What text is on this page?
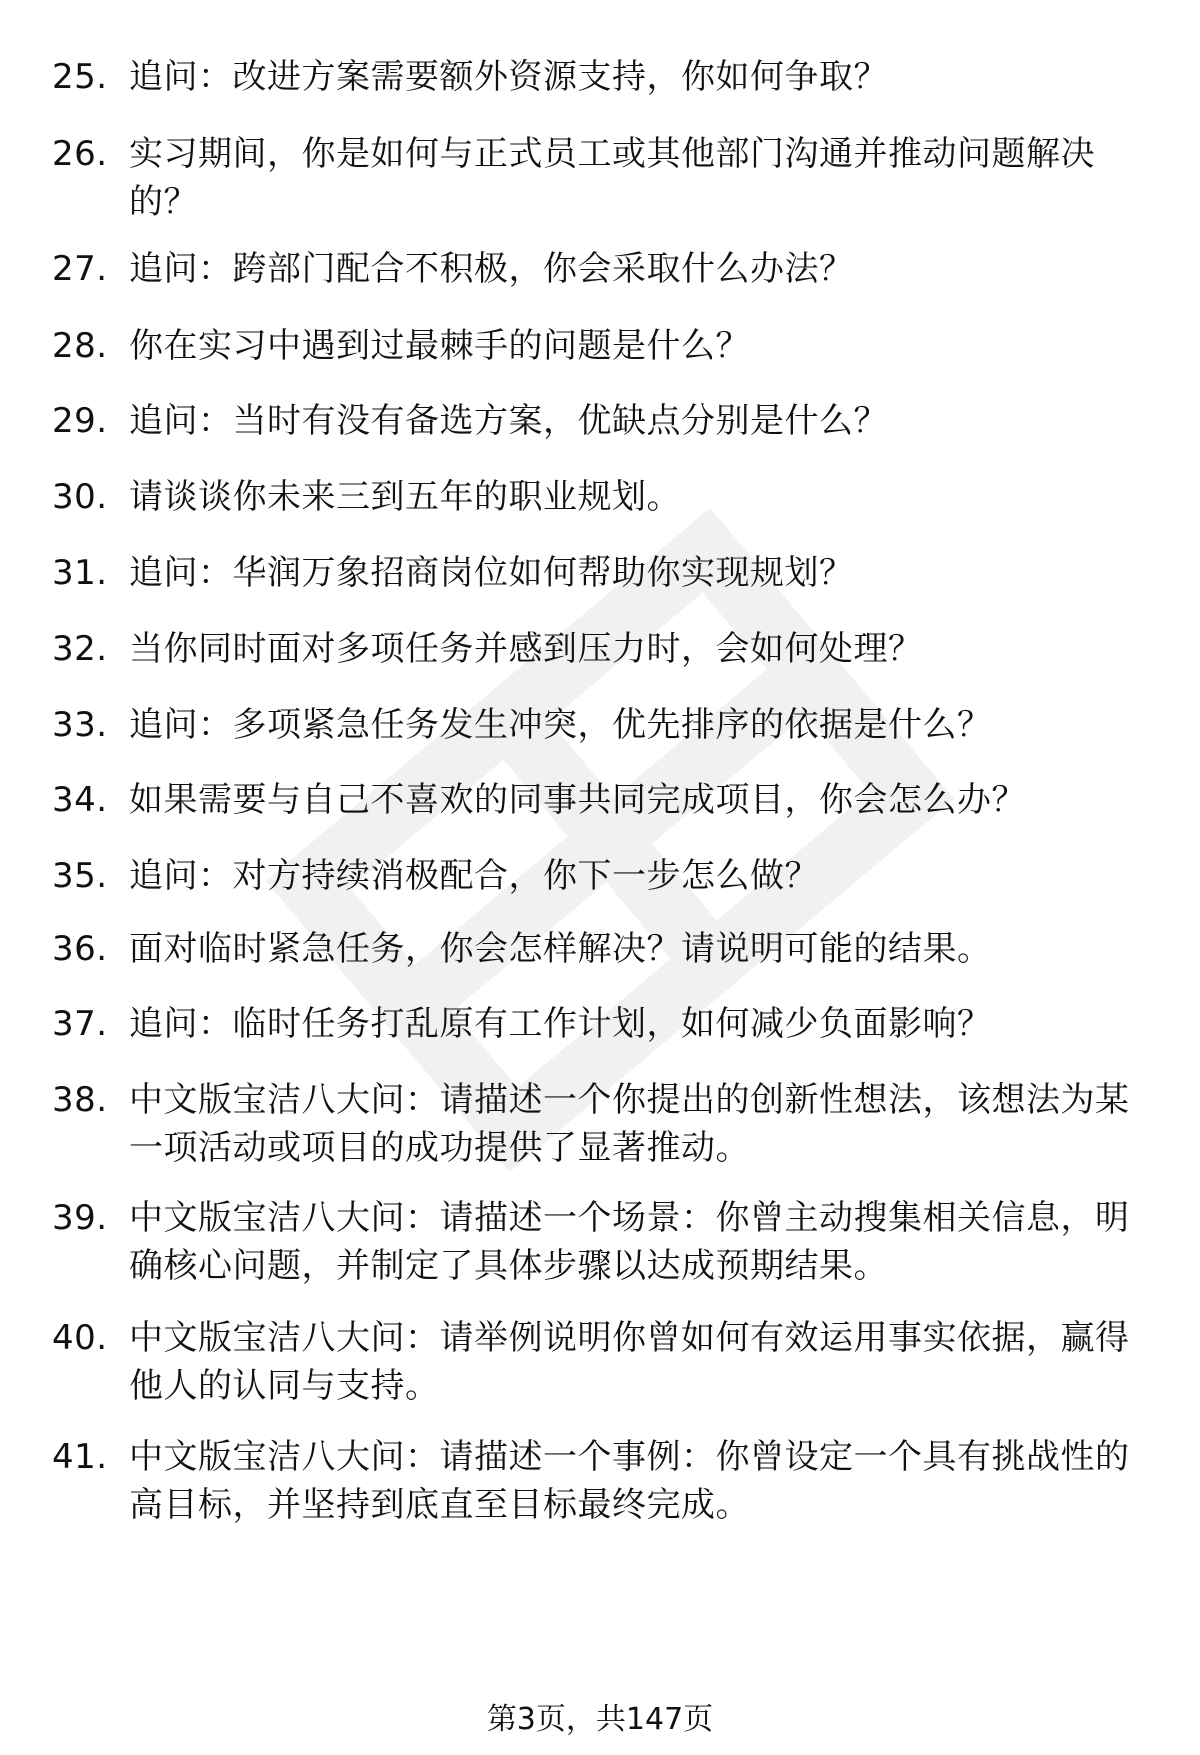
25. 追问：改进方案需要额外资源支持，你如何争取？
26. 实习期间，你是如何与正式员工或其他部门沟通并推动问题解决的？
27. 追问：跨部门配合不积极，你会采取什么办法？
28. 你在实习中遇到过最棘手的问题是什么？
29. 追问：当时有没有备选方案，优缺点分别是什么？
30. 请谈谈你未来三到五年的职业规划。
31. 追问：华润万象招商岗位如何帮助你实现规划？
32. 当你同时面对多项任务并感到压力时，会如何处理？
33. 追问：多项紧急任务发生冲突，优先排序的依据是什么？
34. 如果需要与自己不喜欢的同事共同完成项目，你会怎么办？
35. 追问：对方持续消极配合，你下一步怎么做？
36. 面对临时紧急任务，你会怎样解决？请说明可能的结果。
37. 追问：临时任务打乱原有工作计划，如何减少负面影响？
38. 中文版宝洁八大问：请描述一个你提出的创新性想法，该想法为某一项活动或项目的成功提供了显著推动。
39. 中文版宝洁八大问：请描述一个场景：你曾主动搜集相关信息，明确核心问题，并制定了具体步骤以达成预期结果。
40. 中文版宝洁八大问：请举例说明你曾如何有效运用事实依据，赢得他人的认同与支持。
41. 中文版宝洁八大问：请描述一个事例：你曾设定一个具有挑战性的高目标，并坚持到底直至目标最终完成。
第3页，共147页
